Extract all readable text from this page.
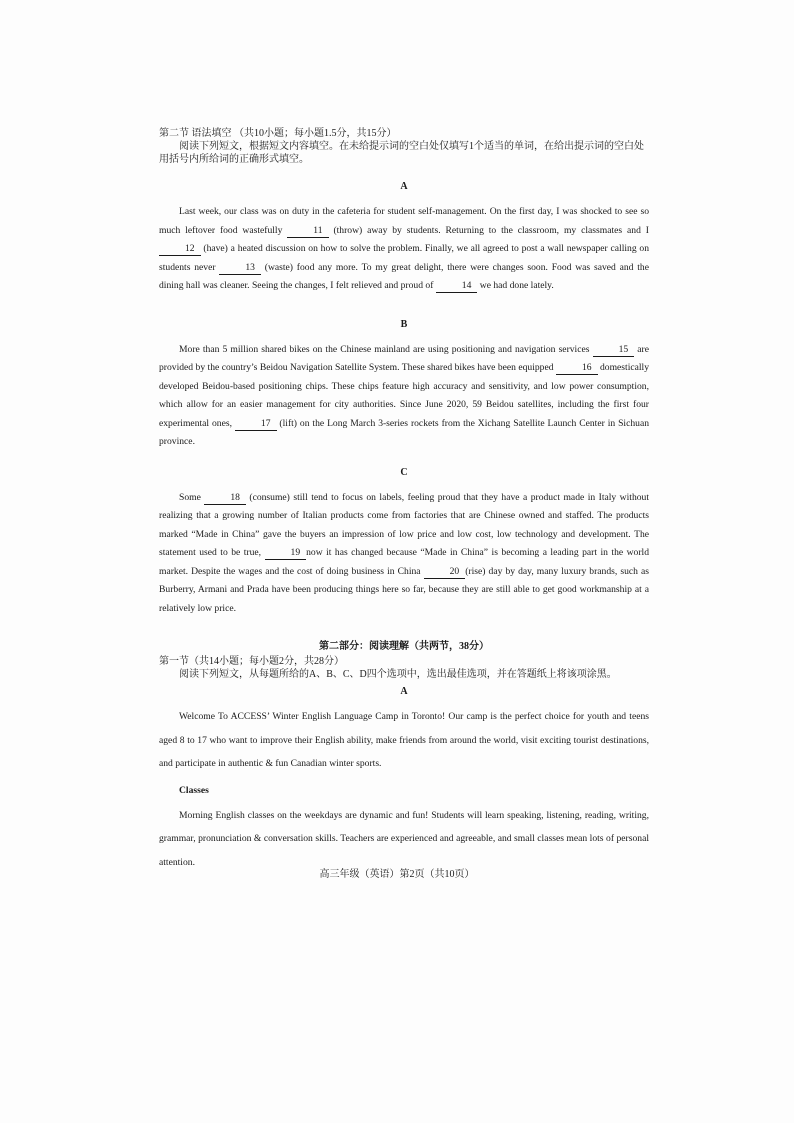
第二节 语法填空 （共10小题；每小题1.5分，共15分）

阅读下列短文，根据短文内容填空。在未给提示词的空白处仅填写1个适当的单词，在给出提示词的空白处用括号内所给词的正确形式填空。

A

Last week, our class was on duty in the cafeteria for student self-management. On the first day, I was shocked to see so much leftover food wastefully	11 (throw) away by students. Returning to the classroom, my classmates and I 12 (have) a heated discussion on how to solve the problem. Finally, we all agreed to post a wall newspaper calling on students never	13 (waste) food any more. To my great delight, there were changes soon. Food was saved and the dining hall was cleaner. Seeing the changes, I felt relieved and proud of	14 we had done lately.

B

More than 5 million shared bikes on the Chinese mainland are using positioning and navigation services	15 are provided by the country’s Beidou Navigation Satellite System. These shared bikes have been equipped	16 domestically developed Beidou-based positioning chips. These chips feature high accuracy and sensitivity, and low power consumption, which allow for an easier management for city authorities. Since June 2020, 59 Beidou satellites, including the first four experimental ones,	17 (lift) on the Long March 3-series rockets from the Xichang Satellite Launch Center in Sichuan province.

C

Some	18 (consume) still tend to focus on labels, feeling proud that they have a product made in Italy without realizing that a growing number of Italian products come from factories that are Chinese owned and staffed. The products marked “Made in China” gave the buyers an impression of low price and low cost, low technology and development. The statement used to be true,	19 now it has changed because “Made in China” is becoming a leading part in the world market. Despite the wages and the cost of doing business in China	20 (rise) day by day, many luxury brands, such as Burberry, Armani and Prada have been producing things here so far, because they are still able to get good workmanship at a relatively low price.

第二部分：阅读理解（共两节，38分）

第一节（共14小题；每小题2分，共28分）

阅读下列短文，从每题所给的A、B、C、D四个选项中，选出最佳选项，并在答题纸上将该项涂黑。

A

Welcome To ACCESS’ Winter English Language Camp in Toronto! Our camp is the perfect choice for youth and teens aged 8 to 17 who want to improve their English ability, make friends from around the world, visit exciting tourist destinations, and participate in authentic & fun Canadian winter sports.

Classes

Morning English classes on the weekdays are dynamic and fun! Students will learn speaking, listening, reading, writing, grammar, pronunciation & conversation skills. Teachers are experienced and agreeable, and small classes mean lots of personal attention.

高三年级（英语）第2页（共10页）
